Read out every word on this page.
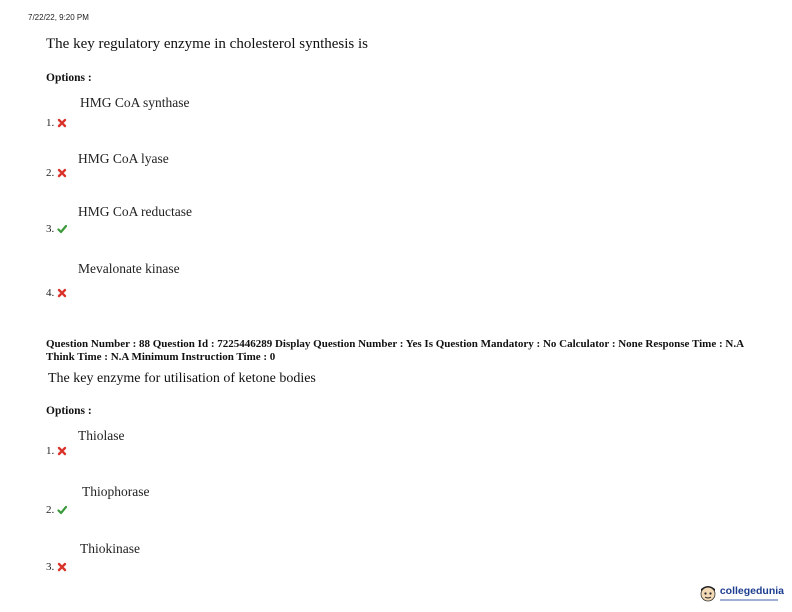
7/22/22, 9:20 PM
The key regulatory enzyme in cholesterol synthesis is
Options :
HMG CoA synthase
1.
HMG CoA lyase
2.
HMG CoA reductase
3.
Mevalonate kinase
4.
Question Number : 88 Question Id : 7225446289 Display Question Number : Yes Is Question Mandatory : No Calculator : None Response Time : N.A Think Time : N.A Minimum Instruction Time : 0
The key enzyme for utilisation of ketone bodies
Options :
Thiolase
1.
Thiophorase
2.
Thiokinase
3.
collegedunia
